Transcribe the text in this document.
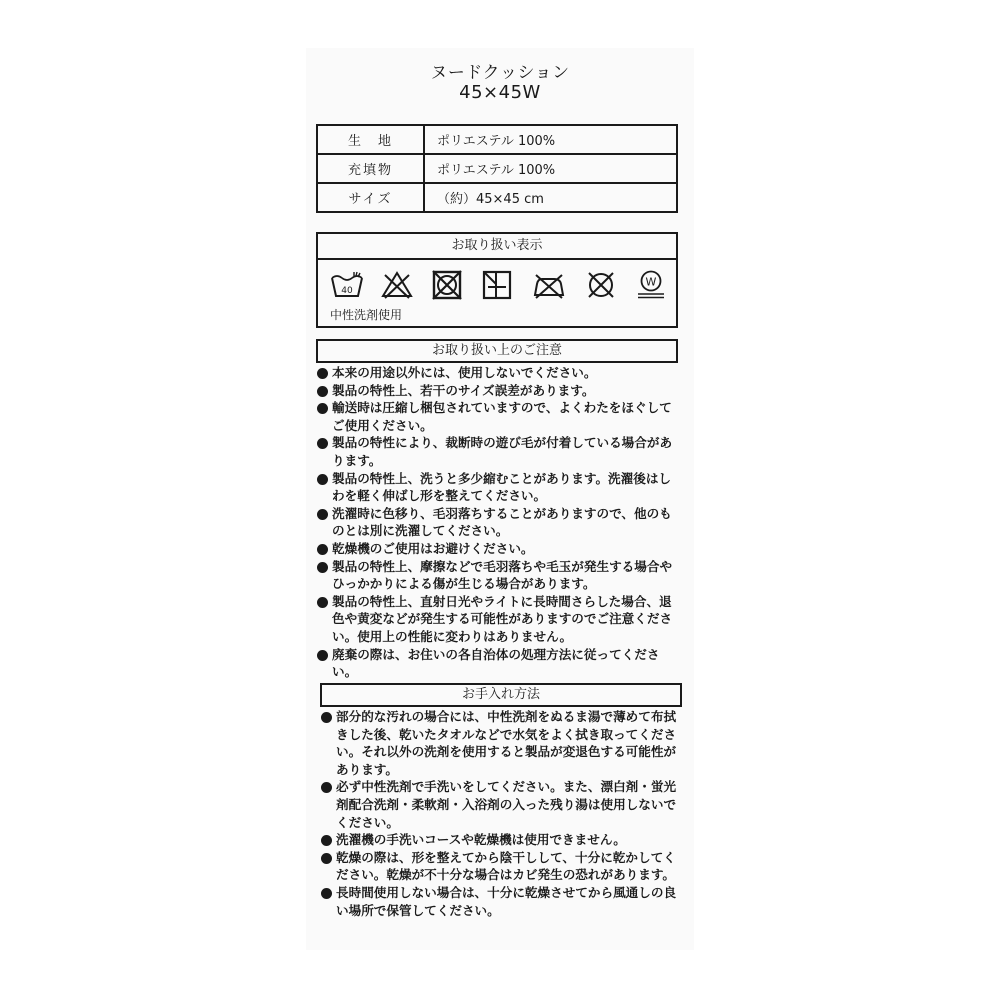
ヌードクッション
45×45W
生　地	ポリエステル 100%
充填物	ポリエステル 100%
サイズ	（約）45×45 cm
お取り扱い表示
40
W
中性洗剤使用
お取り扱い上のご注意
本来の用途以外には、使用しないでください。
製品の特性上、若干のサイズ誤差があります。
輸送時は圧縮し梱包されていますので、よくわたをほぐしてご使用ください。
製品の特性により、裁断時の遊び毛が付着している場合があります。
製品の特性上、洗うと多少縮むことがあります。洗濯後はしわを軽く伸ばし形を整えてください。
洗濯時に色移り、毛羽落ちすることがありますので、他のものとは別に洗濯してください。
乾燥機のご使用はお避けください。
製品の特性上、摩擦などで毛羽落ちや毛玉が発生する場合やひっかかりによる傷が生じる場合があります。
製品の特性上、直射日光やライトに長時間さらした場合、退色や黄変などが発生する可能性がありますのでご注意ください。使用上の性能に変わりはありません。
廃棄の際は、お住いの各自治体の処理方法に従ってください。
お手入れ方法
部分的な汚れの場合には、中性洗剤をぬるま湯で薄めて布拭きした後、乾いたタオルなどで水気をよく拭き取ってください。それ以外の洗剤を使用すると製品が変退色する可能性があります。
必ず中性洗剤で手洗いをしてください。また、漂白剤・蛍光剤配合洗剤・柔軟剤・入浴剤の入った残り湯は使用しないでください。
洗濯機の手洗いコースや乾燥機は使用できません。
乾燥の際は、形を整えてから陰干しして、十分に乾かしてください。乾燥が不十分な場合はカビ発生の恐れがあります。
長時間使用しない場合は、十分に乾燥させてから風通しの良い場所で保管してください。
